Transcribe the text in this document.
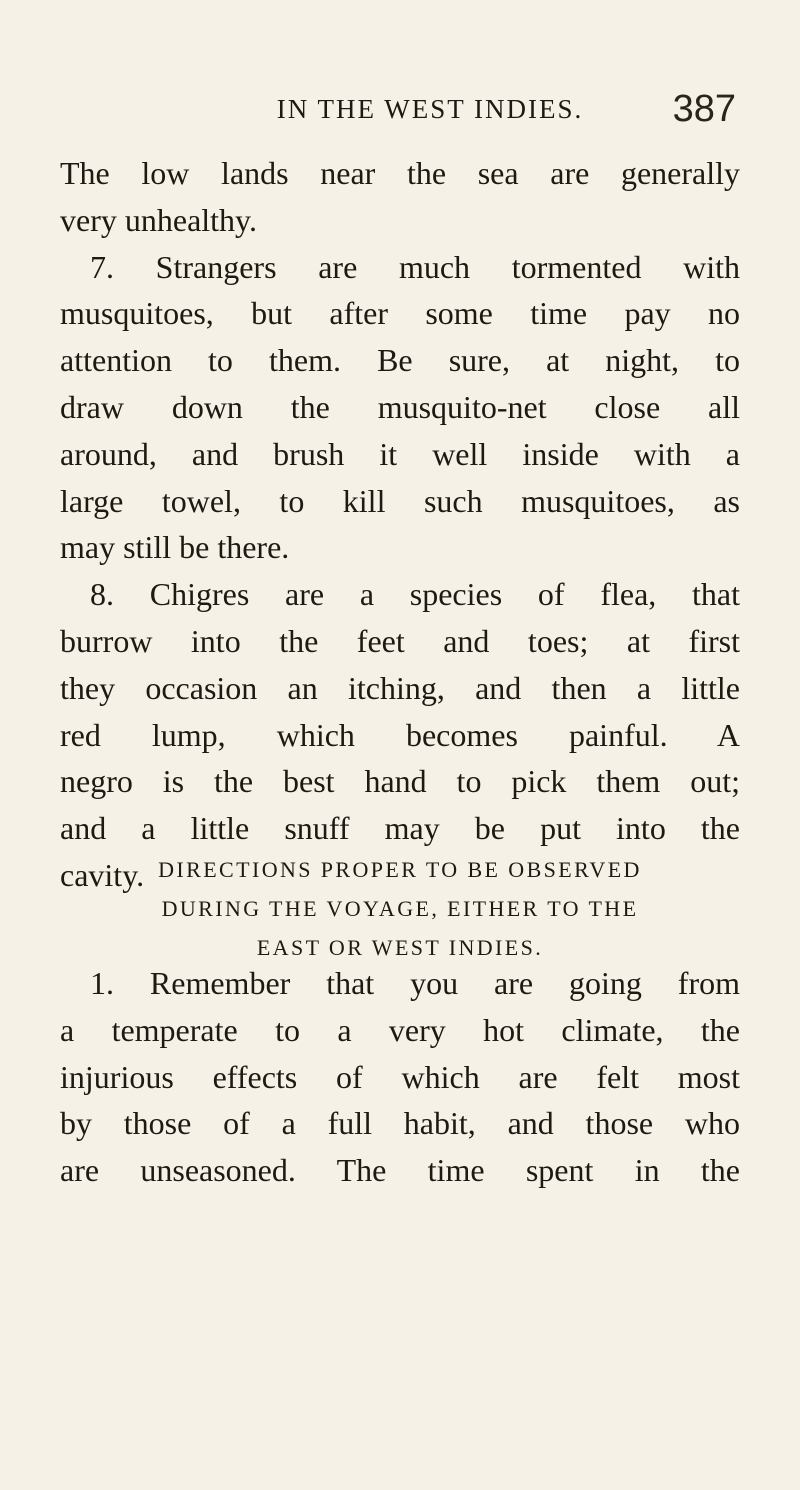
IN THE WEST INDIES.	387
The low lands near the sea are generally
very unhealthy.
7. Strangers are much tormented with
musquitoes, but after some time pay no
attention to them. Be sure, at night, to
draw down the musquito-net close all
around, and brush it well inside with a
large towel, to kill such musquitoes, as
may still be there.
8. Chigres are a species of flea, that
burrow into the feet and toes; at first
they occasion an itching, and then a little
red lump, which becomes painful. A
negro is the best hand to pick them out;
and a little snuff may be put into the
cavity. DIRECTIONS PROPER TO BE OBSERVED
DURING THE VOYAGE, EITHER TO THE
EAST OR WEST INDIES.
1. Remember that you are going from
a temperate to a very hot climate, the
injurious effects of which are felt most
by those of a full habit, and those who
are unseasoned. The time spent in the
